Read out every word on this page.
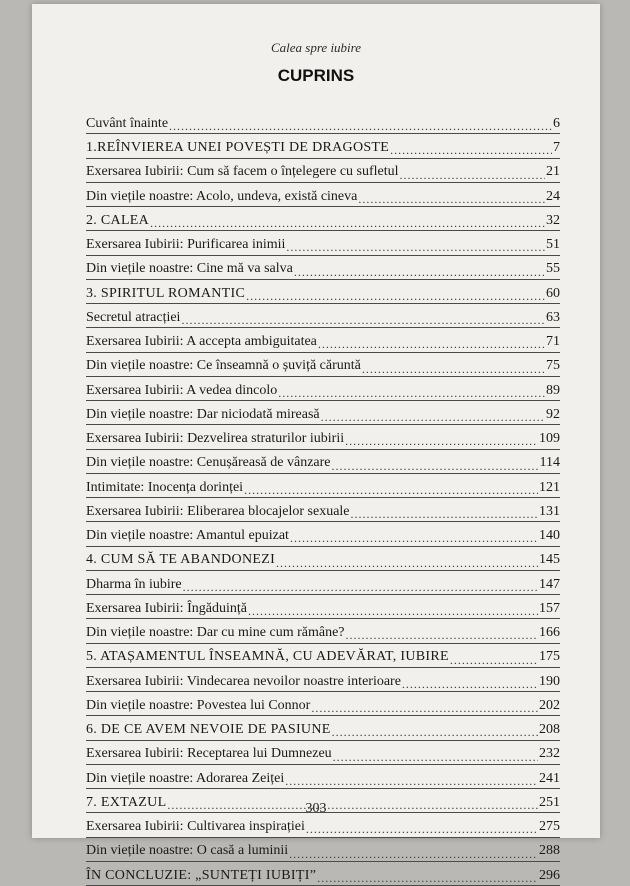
Calea spre iubire
CUPRINS
Cuvânt înainte .....	6
1.REÎNVIEREA UNEI POVEȘTI DE DRAGOSTE .....	7
Exersarea Iubirii: Cum să facem o înțelegere cu sufletul .....	21
Din viețile noastre: Acolo, undeva, există cineva .....	24
2. CALEA .....	32
Exersarea Iubirii: Purificarea inimii .....	51
Din viețile noastre: Cine mă va salva .....	55
3. SPIRITUL ROMANTIC .....	60
Secretul atracției .....	63
Exersarea Iubirii: A accepta ambiguitatea .....	71
Din viețile noastre: Ce înseamnă o șuviță căruntă .....	75
Exersarea Iubirii: A vedea dincolo .....	89
Din viețile noastre: Dar niciodată mireasă .....	92
Exersarea Iubirii: Dezvelirea straturilor iubirii .....	109
Din viețile noastre: Cenușăreasă de vânzare .....	114
Intimitate: Inocența dorinței .....	121
Exersarea Iubirii: Eliberarea blocajelor sexuale .....	131
Din viețile noastre: Amantul epuizat .....	140
4. CUM SĂ TE ABANDONEZI .....	145
Dharma în iubire .....	147
Exersarea Iubirii: Îngăduință .....	157
Din viețile noastre: Dar cu mine cum rămâne? .....	166
5. ATAȘAMENTUL ÎNSEAMNĂ, CU ADEVĂRAT, IUBIRE .....	175
Exersarea Iubirii: Vindecarea nevoilor noastre interioare .....	190
Din viețile noastre: Povestea lui Connor .....	202
6. DE CE AVEM NEVOIE DE PASIUNE .....	208
Exersarea Iubirii: Receptarea lui Dumnezeu .....	232
Din viețile noastre: Adorarea Zeiței .....	241
7. EXTAZUL .....	251
Exersarea Iubirii: Cultivarea inspirației .....	275
Din viețile noastre: O casă a luminii .....	288
ÎN CONCLUZIE: „SUNTEȚI IUBIȚI” .....	296
303
